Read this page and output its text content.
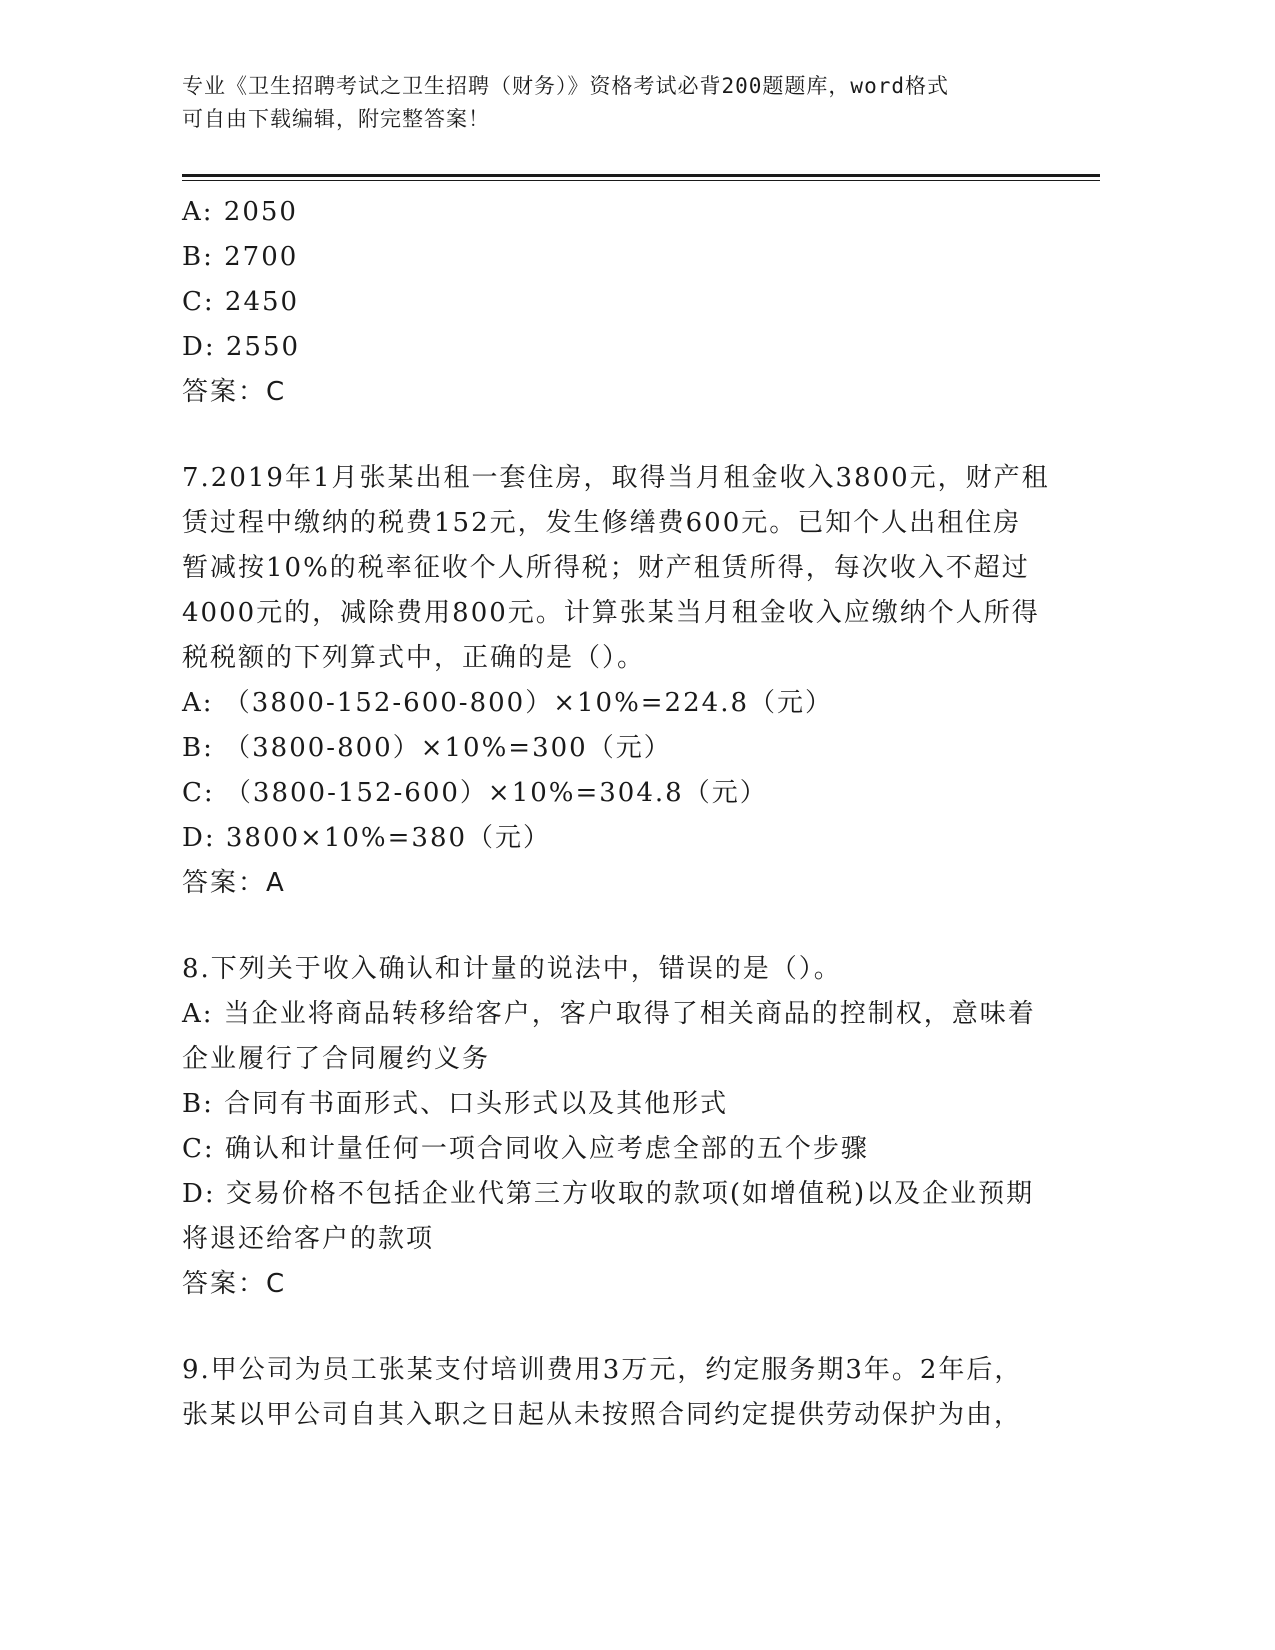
专业《卫生招聘考试之卫生招聘（财务）》资格考试必背200题题库，word格式
可自由下载编辑，附完整答案！
A: 2050
B: 2700
C: 2450
D: 2550
答案：C
7.2019年1月张某出租一套住房，取得当月租金收入3800元，财产租
赁过程中缴纳的税费152元，发生修缮费600元。已知个人出租住房
暂减按10%的税率征收个人所得税；财产租赁所得，每次收入不超过
4000元的，减除费用800元。计算张某当月租金收入应缴纳个人所得
税税额的下列算式中，正确的是（）。
A: （3800-152-600-800）×10%=224.8（元）
B: （3800-800）×10%=300（元）
C: （3800-152-600）×10%=304.8（元）
D: 3800×10%=380（元）
答案：A
8.下列关于收入确认和计量的说法中，错误的是（）。
A: 当企业将商品转移给客户，客户取得了相关商品的控制权，意味着
企业履行了合同履约义务
B: 合同有书面形式、口头形式以及其他形式
C: 确认和计量任何一项合同收入应考虑全部的五个步骤
D: 交易价格不包括企业代第三方收取的款项(如增值税)以及企业预期
将退还给客户的款项
答案：C
9.甲公司为员工张某支付培训费用3万元，约定服务期3年。2年后，
张某以甲公司自其入职之日起从未按照合同约定提供劳动保护为由，
